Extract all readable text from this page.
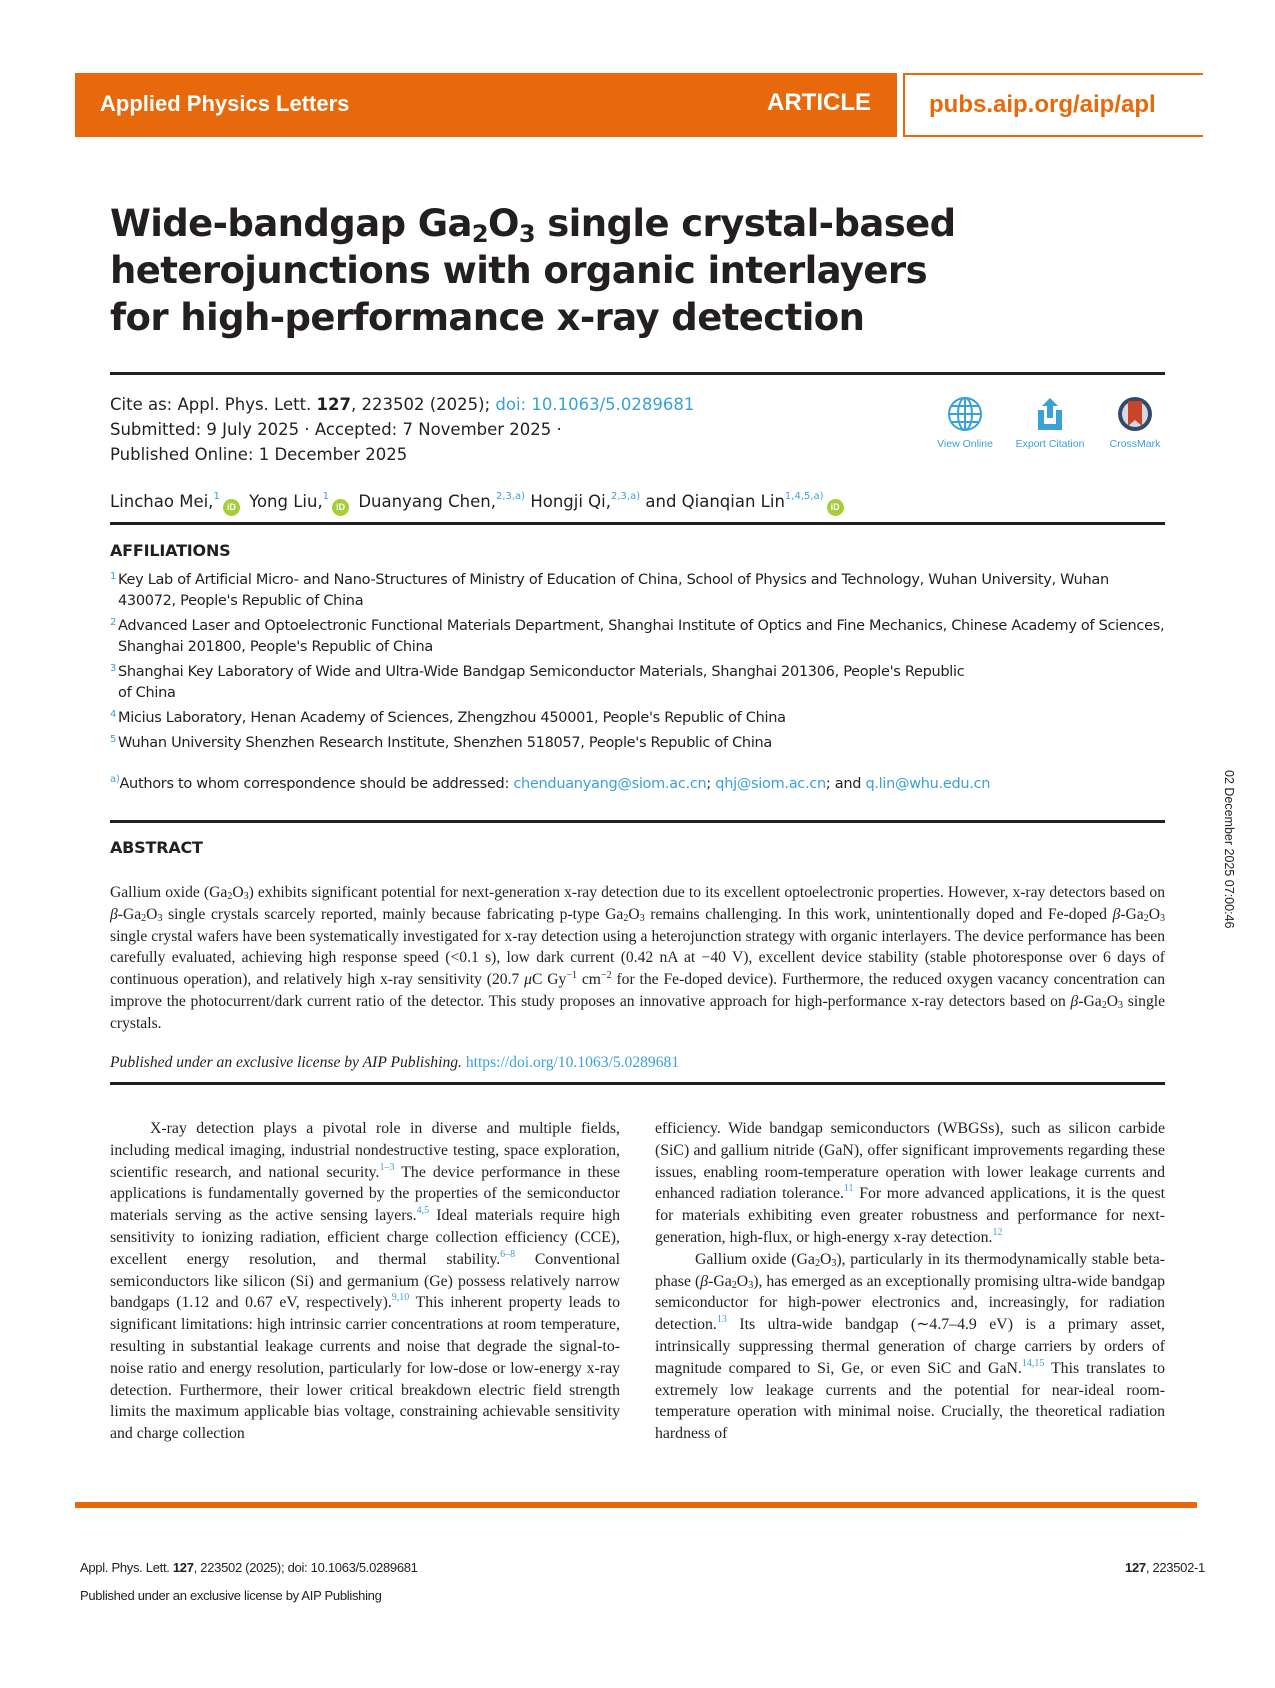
Applied Physics Letters	ARTICLE pubs.aip.org/aip/apl
Wide-bandgap $Ga_2O_3$ single crystal-based
heterojunctions with organic interlayers
for high-performance x-ray detection
Cite as: Appl. Phys. Lett. 127, 223502 (2025); doi: 10.1063/5.0289681
Submitted: 9 July 2025 · Accepted: 7 November 2025 ·
Published Online: 1 December 2025
View Online	Export Citation	CrossMark
Linchao Mei,$^1$iD Yong Liu,$^1$iD Duanyang Chen,$^{2,3,a)}$ Hongji Qi,$^{2,3,a)}$ and Qianqian Lin$^{1,4,5,a)}$iD
AFFILIATIONS
1 Key Lab of Artificial Micro- and Nano-Structures of Ministry of Education of China, School of Physics and Technology, Wuhan University, Wuhan 430072, People's Republic of China
2 Advanced Laser and Optoelectronic Functional Materials Department, Shanghai Institute of Optics and Fine Mechanics, Chinese Academy of Sciences, Shanghai 201800, People's Republic of China
3 Shanghai Key Laboratory of Wide and Ultra-Wide Bandgap Semiconductor Materials, Shanghai 201306, People's Republic of China
4 Micius Laboratory, Henan Academy of Sciences, Zhengzhou 450001, People's Republic of China
5 Wuhan University Shenzhen Research Institute, Shenzhen 518057, People's Republic of China
$^{a)}$Authors to whom correspondence should be addressed: chenduanyang@siom.ac.cn; qhj@siom.ac.cn; and q.lin@whu.edu.cn
ABSTRACT
Gallium oxide $(Ga_2O_3)$ exhibits significant potential for next-generation x-ray detection due to its excellent optoelectronic properties. However, x-ray detectors based on $\beta-Ga_2O_3$ single crystals scarcely reported, mainly because fabricating p-type $Ga_2O_3$ remains challenging. In this work, unintentionally doped and Fe-doped $\beta-Ga_2O_3$ single crystal wafers have been systematically investigated for x-ray detection using a heterojunction strategy with organic interlayers. The device performance has been carefully evaluated, achieving high response speed (<0.1 s), low dark current (0.42 nA at −40 V), excellent device stability (stable photoresponse over 6 days of continuous operation), and relatively high x-ray sensitivity (20.7 μC $Gy^{-1}$ $cm^{-2}$ for the Fe-doped device). Furthermore, the reduced oxygen vacancy concentration can improve the photocurrent/dark current ratio of the detector. This study proposes an innovative approach for high-performance x-ray detectors based on $\beta-Ga_2O_3$ single crystals.
Published under an exclusive license by AIP Publishing. https://doi.org/10.1063/5.0289681

X-ray detection plays a pivotal role in diverse and multiple fields, including medical imaging, industrial nondestructive testing, space exploration, scientific research, and national security.$^{1-3}$ The device performance in these applications is fundamentally governed by the properties of the semiconductor materials serving as the active sensing layers.$^{4,5}$ Ideal materials require high sensitivity to ionizing radiation, efficient charge collection efficiency (CCE), excellent energy resolution, and thermal stability.$^{6-8}$ Conventional semiconductors like silicon (Si) and germanium (Ge) possess relatively narrow bandgaps (1.12 and 0.67 eV, respectively).$^{9,10}$ This inherent property leads to significant limitations: high intrinsic carrier concentrations at room temperature, resulting in substantial leakage currents and noise that degrade the signal-to-noise ratio and energy resolution, particularly for low-dose or low-energy x-ray detection. Furthermore, their lower critical breakdown electric field strength limits the maximum applicable bias voltage, constraining achievable sensitivity and charge collection

efficiency. Wide bandgap semiconductors (WBGSs), such as silicon carbide (SiC) and gallium nitride (GaN), offer significant improvements regarding these issues, enabling room-temperature operation with lower leakage currents and enhanced radiation tolerance.$^{11}$ For more advanced applications, it is the quest for materials exhibiting even greater robustness and performance for next-generation, high-flux, or high-energy x-ray detection.$^{12}$

Gallium oxide $(Ga_2O_3)$, particularly in its thermodynamically stable beta-phase $(\beta-Ga_2O_3)$, has emerged as an exceptionally promising ultra-wide bandgap semiconductor for high-power electronics and, increasingly, for radiation detection.$^{13}$ Its ultra-wide bandgap (∼4.7–4.9 eV) is a primary asset, intrinsically suppressing thermal generation of charge carriers by orders of magnitude compared to Si, Ge, or even SiC and GaN.$^{14,15}$ This translates to extremely low leakage currents and the potential for near-ideal room-temperature operation with minimal noise. Crucially, the theoretical radiation hardness of

Appl. Phys. Lett. 127, 223502 (2025); doi: 10.1063/5.0289681
Published under an exclusive license by AIP Publishing
127, 223502-1
02 December 2025 07:00:46
